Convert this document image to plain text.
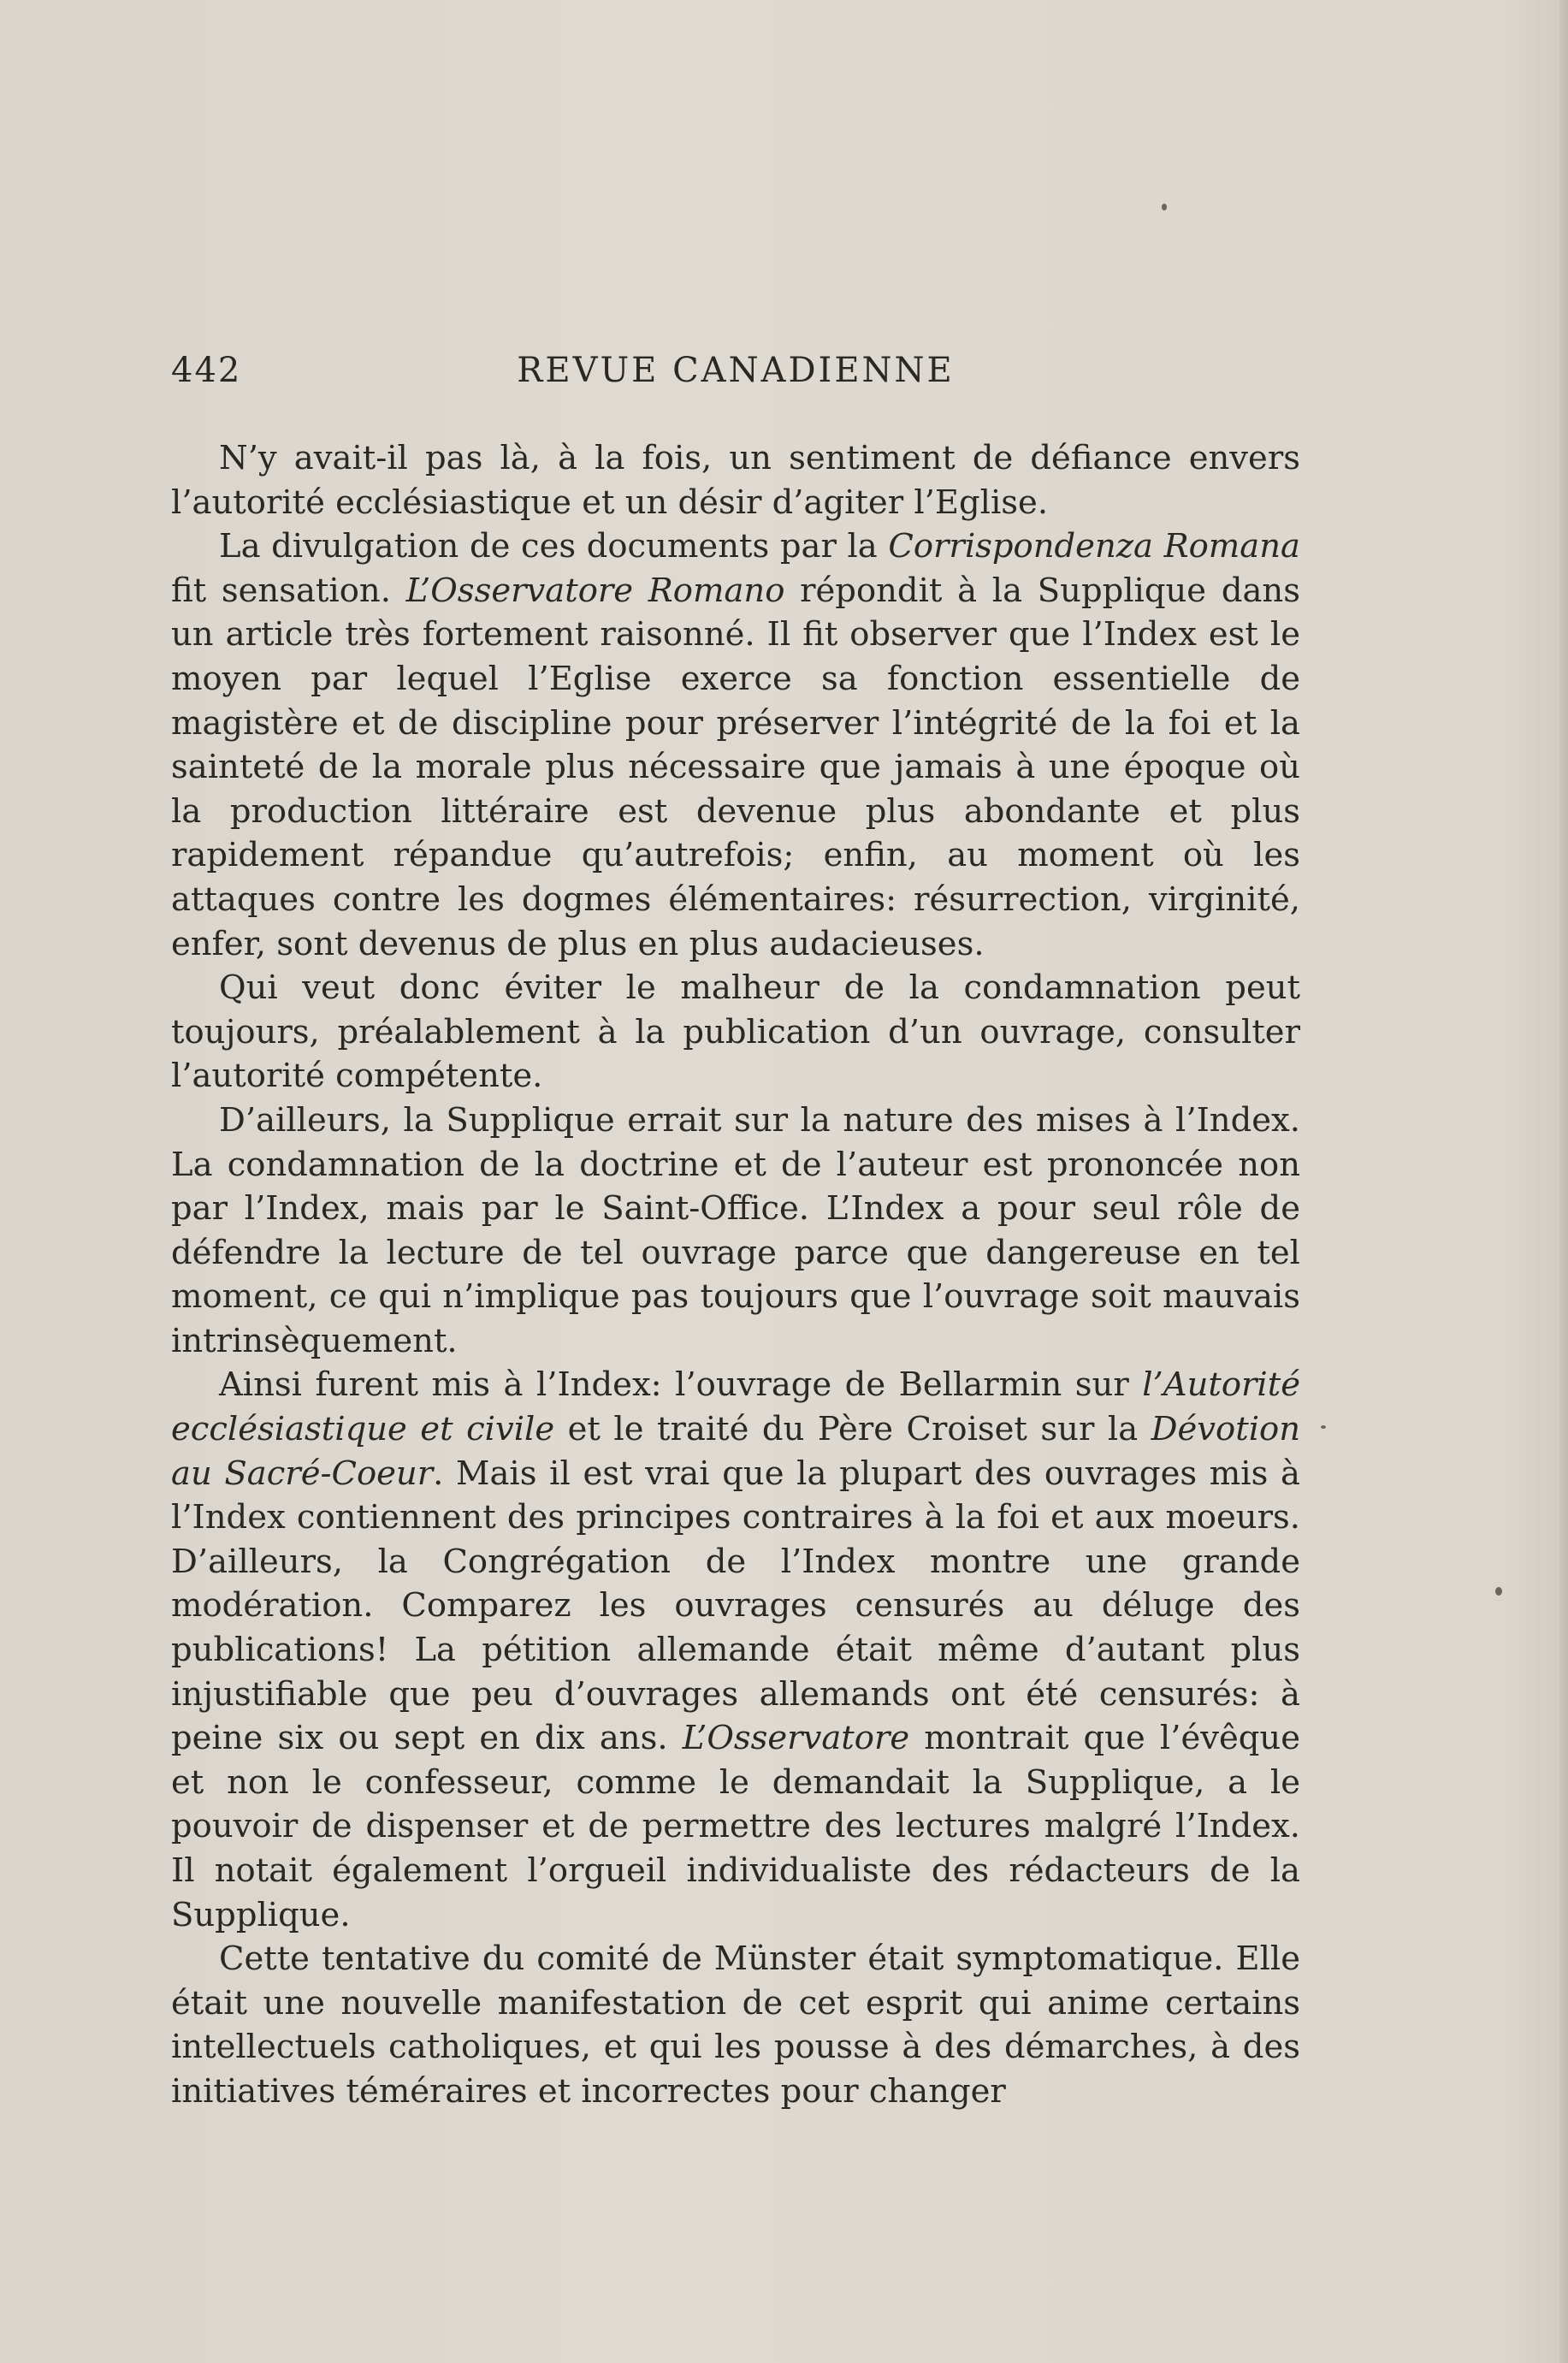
442	REVUE CANADIENNE

N’y avait-il pas là, à la fois, un sentiment de défiance envers l’autorité ecclésiastique et un désir d’agiter l’Eglise.

La divulgation de ces documents par la Corrispondenza Romana fit sensation. L’Osservatore Romano répondit à la Supplique dans un article très fortement raisonné. Il fit observer que l’Index est le moyen par lequel l’Eglise exerce sa fonction essentielle de magistère et de discipline pour préserver l’intégrité de la foi et la sainteté de la morale plus nécessaire que jamais à une époque où la production littéraire est devenue plus abondante et plus rapidement répandue qu’autrefois; enfin, au moment où les attaques contre les dogmes élémentaires: résurrection, virginité, enfer, sont devenus de plus en plus audacieuses.

Qui veut donc éviter le malheur de la condamnation peut toujours, préalablement à la publication d’un ouvrage, consulter l’autorité compétente.

D’ailleurs, la Supplique errait sur la nature des mises à l’Index. La condamnation de la doctrine et de l’auteur est prononcée non par l’Index, mais par le Saint-Office. L’Index a pour seul rôle de défendre la lecture de tel ouvrage parce que dangereuse en tel moment, ce qui n’implique pas toujours que l’ouvrage soit mauvais intrinsèquement.

Ainsi furent mis à l’Index: l’ouvrage de Bellarmin sur l’Autorité ecclésiastique et civile et le traité du Père Croiset sur la Dévotion au Sacré-Coeur. Mais il est vrai que la plupart des ouvrages mis à l’Index contiennent des principes contraires à la foi et aux moeurs. D’ailleurs, la Congrégation de l’Index montre une grande modération. Comparez les ouvrages censurés au déluge des publications! La pétition allemande était même d’autant plus injustifiable que peu d’ouvrages allemands ont été censurés: à peine six ou sept en dix ans. L’Osservatore montrait que l’évêque et non le confesseur, comme le demandait la Supplique, a le pouvoir de dispenser et de permettre des lectures malgré l’Index. Il notait également l’orgueil individualiste des rédacteurs de la Supplique.

Cette tentative du comité de Münster était symptomatique. Elle était une nouvelle manifestation de cet esprit qui anime certains intellectuels catholiques, et qui les pousse à des démarches, à des initiatives téméraires et incorrectes pour changer
